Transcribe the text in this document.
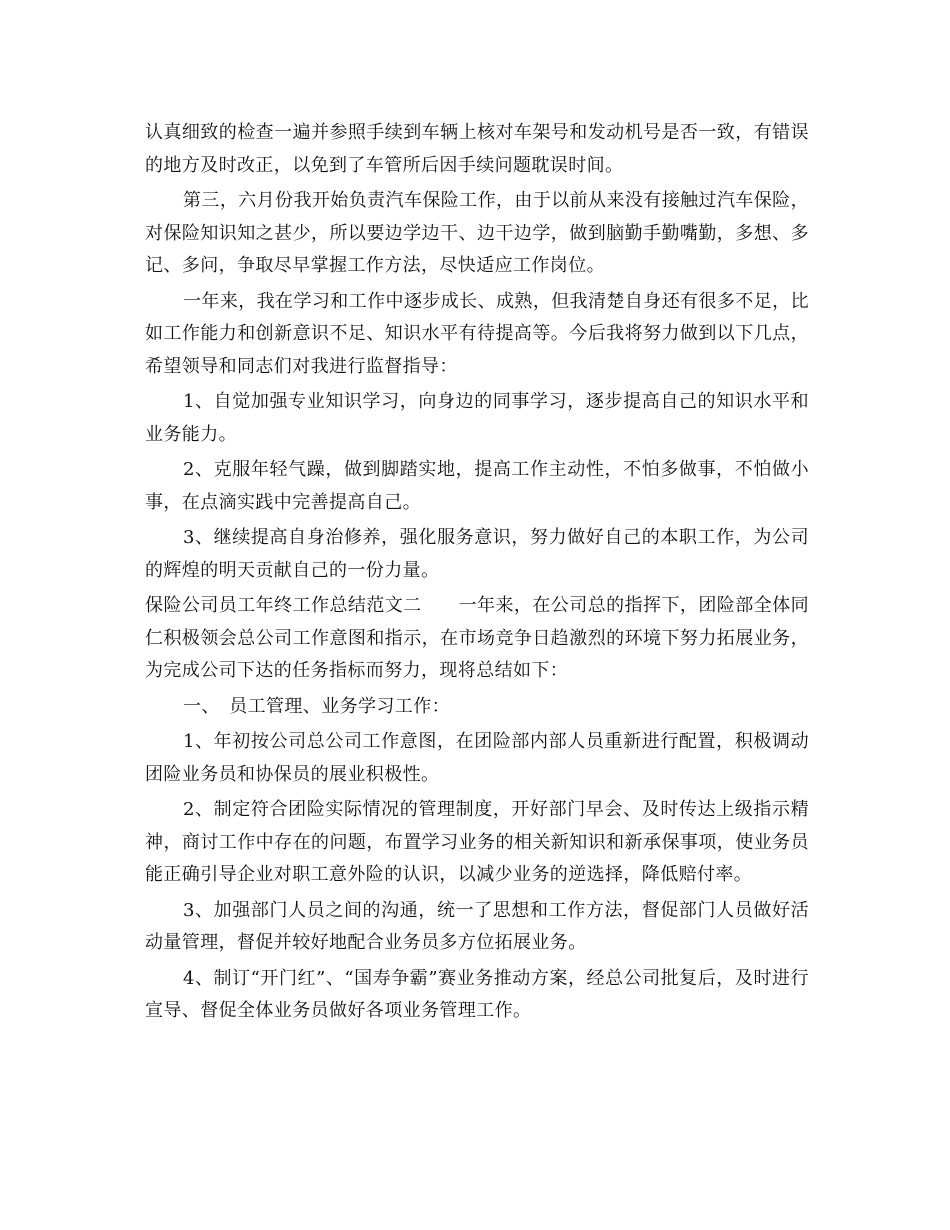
认真细致的检查一遍并参照手续到车辆上核对车架号和发动机号是否一致，有错误的地方及时改正，以免到了车管所后因手续问题耽误时间。

第三，六月份我开始负责汽车保险工作，由于以前从来没有接触过汽车保险，对保险知识知之甚少，所以要边学边干、边干边学，做到脑勤手勤嘴勤，多想、多记、多问，争取尽早掌握工作方法，尽快适应工作岗位。

一年来，我在学习和工作中逐步成长、成熟，但我清楚自身还有很多不足，比如工作能力和创新意识不足、知识水平有待提高等。今后我将努力做到以下几点，希望领导和同志们对我进行监督指导：

1、自觉加强专业知识学习，向身边的同事学习，逐步提高自己的知识水平和业务能力。

2、克服年轻气躁，做到脚踏实地，提高工作主动性，不怕多做事，不怕做小事，在点滴实践中完善提高自己。

3、继续提高自身治修养，强化服务意识，努力做好自己的本职工作，为公司的辉煌的明天贡献自己的一份力量。

保险公司员工年终工作总结范文二　　一年来，在公司总的指挥下，团险部全体同仁积极领会总公司工作意图和指示，在市场竞争日趋激烈的环境下努力拓展业务，为完成公司下达的任务指标而努力，现将总结如下：

一、　员工管理、业务学习工作：

1、年初按公司总公司工作意图，在团险部内部人员重新进行配置，积极调动团险业务员和协保员的展业积极性。

2、制定符合团险实际情况的管理制度，开好部门早会、及时传达上级指示精神，商讨工作中存在的问题，布置学习业务的相关新知识和新承保事项，使业务员能正确引导企业对职工意外险的认识，以减少业务的逆选择，降低赔付率。

3、加强部门人员之间的沟通，统一了思想和工作方法，督促部门人员做好活动量管理，督促并较好地配合业务员多方位拓展业务。

4、制订“开门红”、“国寿争霸”赛业务推动方案，经总公司批复后，及时进行宣导、督促全体业务员做好各项业务管理工作。
